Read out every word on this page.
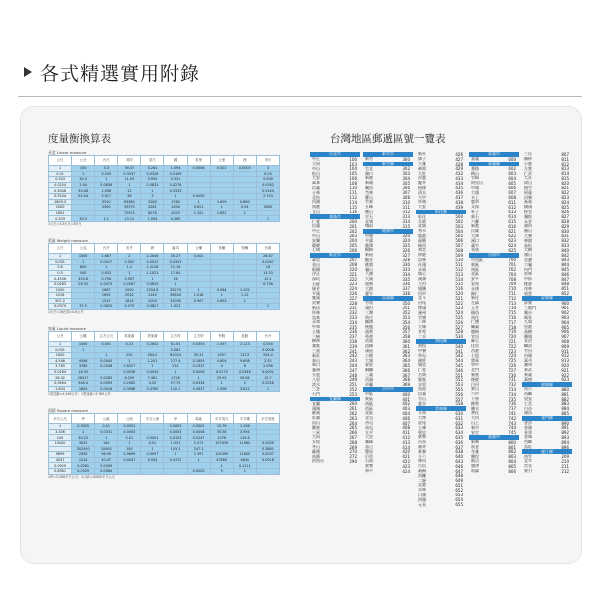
各式精選實用附錄
度量衡換算表
長度 Linear measure
公尺	公分	台尺	英吋	英尺	碼	英里	公里	浬	市尺
1	100	3.3	39.37	3.281	1.094	0.0006	0.001	0.0005	3
0.01	1	0.033	0.3937	0.0328	0.0109				0.03
0.303	30.3	1	11.93	0.994	0.331				0.909
0.0254	2.54	0.0838	1	0.0833	0.0278				0.0762
0.3048	30.48	1.006	12	1	0.3333				0.9144
0.9144	91.44	3.017	36	3	1	0.0005			2.743
1609.3		5310	63360	5280	1760	1	1.609	0.869	
1000		3300	39370	3281	1094	0.621	1	0.54	3000
1852			72913	6076	2025	1.151	1.852	1	
0.333	33.3	1.1	13.12	1.094	0.365				1
1公尺=3.3台尺=3市尺
重量 Weight measure
公斤	公克	台斤	市斤	磅	盎司	公噸	長噸	短噸	台兩
1	1000	1.667	2	2.2046	35.27	0.001			26.67
0.001	1	0.0017	0.002	0.0022	0.0353				0.0267
0.6	600	1	1.2	1.3228	21.16				16
0.5	500	0.833	1	1.1023	17.64				13.33
0.4536	453.6	0.756	0.907	1	16				12.1
0.0283	28.35	0.0473	0.0567	0.0625	1				0.756
1000		1667	2000	2204.6	35274	1	0.984	1.102	
1016		1693	2032	2240	35840	1.016	1	1.12	
907.2		1512	1814	2000	32000	0.907	0.893	1	
0.0375	37.5	0.0625	0.075	0.0827	1.323				1
1台斤=16台兩=0.6公斤
容量 Liquid measure
公升	公撮	立方公尺	英加侖	美加侖	立方吋	立方呎	夸脫	品脫	台升
1	1000	0.001	0.22	0.2642	61.02	0.0353	1.057	2.113	0.554
0.001	1				0.061				0.0006
1000		1	220	264.2	61024	35.31	1057	2113	554.4
4.546	4546	0.0045	1	1.201	277.4	0.1605	4.804	9.608	2.52
3.785	3785	0.0038	0.8327	1	231	0.1337	4	8	2.098
0.0164	16.39		0.0036	0.0043	1	0.0006	0.0173	0.0346	0.0091
28.32	28317	0.0283	6.229	7.481	1728	1	29.92	59.84	15.7
0.9464	946.4	0.0009	0.2082	0.25	57.75	0.0334	1	2	0.5246
1.804	1804	0.0018	0.3968	0.4765	110.1	0.0637	1.906	3.812	1
1英加侖=4.546公升；1美加侖=3.785公升
面積 Square measure
平方公尺	坪	公畝	公頃	平方公里	甲	英畝	平方英尺	平方碼	平方英里
1	0.3025	0.01	0.0001		0.0001	0.0002	10.76	1.196	
3.306	1	0.0331	0.0003		0.0003	0.0008	35.58	3.954	
100	30.25	1	0.01	0.0001	0.0103	0.0247	1076	119.6	
10000	3025	100	1	0.01	1.031	2.471	107639	11960	0.0039
	302500	10000	100	1	103.1	247.1			0.3861
9699	2934	96.99	0.9699	0.0097	1	2.397	104399	11600	0.0037
4047	1224	40.47	0.4047	0.004	0.4172	1	43560	4840	0.0016
0.0929	0.0281	0.0009					1	0.1111	
0.8361	0.2529	0.0084				0.0002	9	1	
1坪=3.306平方公尺；1公頃=10000平方公尺
台灣地區郵遞區號一覽表
台北市
中正	100
大同	103
中山	104
松山	105
大安	106
萬華	108
信義	110
士林	111
北投	112
內湖	114
南港	115
文山	116
基隆市
仁愛	200
信義	201
中正	202
中山	203
安樂	204
暖暖	205
七堵	206
新北市
萬里	207
金山	208
板橋	220
汐止	221
深坑	222
石碇	223
瑞芳	224
平溪	226
雙溪	227
貢寮	228
新店	231
坪林	232
烏來	233
永和	234
中和	235
土城	236
三峽	237
樹林	238
鶯歌	239
三重	241
新莊	242
泰山	243
林口	244
蘆洲	247
五股	248
八里	249
淡水	251
三芝	252
石門	253
宜蘭縣
宜蘭	260
頭城	261
礁溪	262
壯圍	263
員山	264
羅東	265
三星	266
大同	267
五結	268
冬山	269
蘇澳	270
南澳	272
釣魚台	290
新竹市
新竹	300
新竹縣
竹北	302
湖口	303
新豐	304
新埔	305
關西	306
芎林	307
寶山	308
竹東	310
五峰	311
橫山	312
尖石	313
北埔	314
峨眉	315
桃園市
中壢	320
平鎮	324
龍潭	325
楊梅	326
新屋	327
觀音	328
桃園	330
龜山	333
八德	334
大溪	335
復興	336
大園	337
蘆竹	338
苗栗縣
竹南	350
頭份	351
三灣	352
南庄	353
獅潭	354
後龍	356
通霄	357
苑裡	358
苗栗	360
造橋	361
頭屋	362
公館	363
大湖	364
泰安	365
銅鑼	366
三義	367
西湖	368
卓蘭	369
台中市
中區	400
東區	401
南區	402
西區	403
北區	404
北屯	406
西屯	407
南屯	408
太平	411
大里	412
霧峰	413
烏日	414
豐原	420
后里	421
石岡	422
東勢	423
和平	424
新社	426
潭子	427
大雅	428
神岡	429
大肚	432
沙鹿	433
龍井	434
梧棲	435
清水	436
大甲	437
外埔	438
大安	439
彰化縣
彰化	500
芬園	502
花壇	503
秀水	504
鹿港	505
福興	506
線西	507
和美	508
伸港	509
員林	510
社頭	511
永靖	512
埔心	513
溪湖	514
大村	515
埔鹽	516
田中	520
北斗	521
田尾	522
埤頭	523
溪州	524
竹塘	525
二林	526
大城	527
芳苑	528
二水	530
南投縣
南投	540
中寮	541
草屯	542
國姓	544
埔里	545
仁愛	546
名間	551
集集	552
水里	553
魚池	555
信義	556
竹山	557
鹿谷	558
雲林縣
斗南	630
大埤	631
虎尾	632
土庫	633
褒忠	634
東勢	635
台西	636
崙背	637
麥寮	638
斗六	640
林內	643
古坑	646
莿桐	647
西螺	648
二崙	649
北港	651
水林	652
口湖	653
四湖	654
元長	655
嘉義市
嘉義	600
嘉義縣
番路	602
梅山	603
竹崎	604
阿里山	605
中埔	606
大埔	607
水上	608
鹿草	611
太保	612
朴子	613
東石	614
六腳	615
新港	616
民雄	621
大林	622
溪口	623
義竹	624
布袋	625
台南市
中西區	700
東區	701
南區	702
北區	704
安平	708
安南	709
永康	710
歸仁	711
新化	712
左鎮	713
玉井	714
楠西	715
南化	716
仁德	717
關廟	718
龍崎	719
官田	720
麻豆	721
佳里	722
西港	723
七股	724
將軍	725
學甲	726
北門	727
新營	730
後壁	731
白河	732
東山	733
六甲	734
下營	735
柳營	736
鹽水	737
善化	741
大內	742
山上	743
新市	744
安定	745
高雄市
新興	800
前金	801
苓雅	802
鹽埕	803
鼓山	804
旗津	805
前鎮	806
三民	807
楠梓	811
小港	812
左營	813
仁武	814
大社	815
岡山	820
路竹	821
阿蓮	822
田寮	823
燕巢	824
橋頭	825
梓官	826
彌陀	827
永安	828
湖內	829
鳳山	830
大寮	831
林園	832
鳥松	833
大樹	840
旗山	842
美濃	843
六龜	844
內門	845
杉林	846
甲仙	847
桃源	848
茂林	851
茄萣	852
屏東縣
屏東	900
三地門	901
霧台	902
瑪家	903
九如	904
里港	905
高樹	906
鹽埔	907
長治	908
麟洛	909
竹田	911
內埔	912
萬丹	913
潮州	920
泰武	921
來義	922
萬巒	923
澎湖縣
馬公	880
西嶼	881
望安	882
七美	883
白沙	884
湖西	885
金門縣
金沙	890
金湖	891
金寧	892
金城	893
烈嶼	894
烏坵	896
連江縣
南竿	209
北竿	210
莒光	211
東引	212
